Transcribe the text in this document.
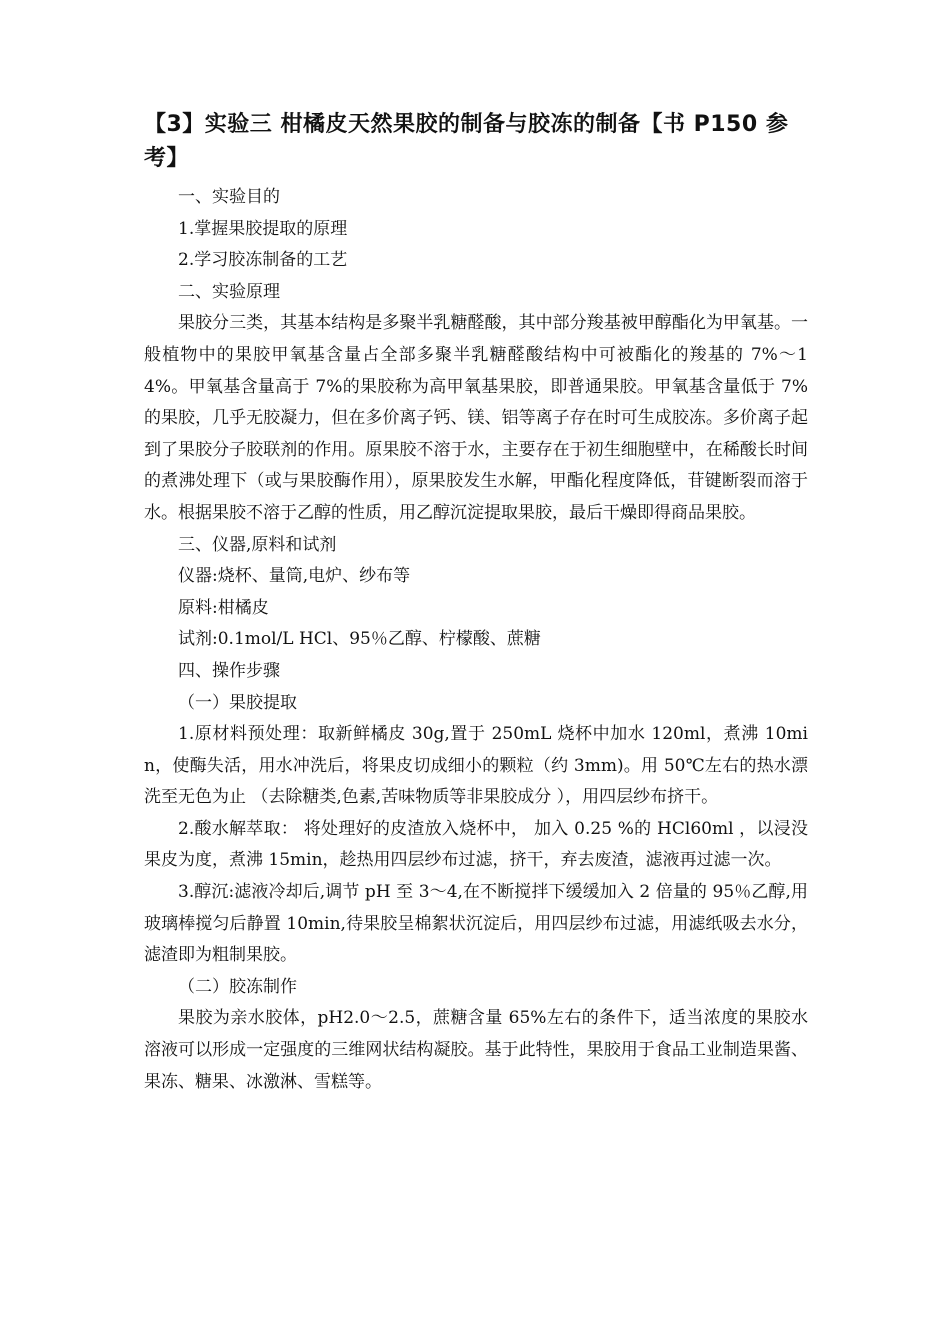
【3】实验三 柑橘皮天然果胶的制备与胶冻的制备【书 P150 参考】

一、实验目的

1.掌握果胶提取的原理

2.学习胶冻制备的工艺

二、实验原理

果胶分三类，其基本结构是多聚半乳糖醛酸，其中部分羧基被甲醇酯化为甲氧基。一般植物中的果胶甲氧基含量占全部多聚半乳糖醛酸结构中可被酯化的羧基的 7%～14%。甲氧基含量高于 7%的果胶称为高甲氧基果胶，即普通果胶。甲氧基含量低于 7%的果胶，几乎无胶凝力，但在多价离子钙、镁、铝等离子存在时可生成胶冻。多价离子起到了果胶分子胶联剂的作用。原果胶不溶于水，主要存在于初生细胞壁中，在稀酸长时间的煮沸处理下（或与果胶酶作用），原果胶发生水解，甲酯化程度降低，苷键断裂而溶于水。根据果胶不溶于乙醇的性质，用乙醇沉淀提取果胶，最后干燥即得商品果胶。

三、仪器,原料和试剂

仪器:烧杯、量筒,电炉、纱布等

原料:柑橘皮

试剂:0.1mol/L HCl、95％乙醇、柠檬酸、蔗糖

四、操作步骤

（一）果胶提取

1.原材料预处理：取新鲜橘皮 30g,置于 250mL 烧杯中加水 120ml，煮沸 10min，使酶失活，用水冲洗后，将果皮切成细小的颗粒（约 3mm)。用 50℃左右的热水漂洗至无色为止 （去除糖类,色素,苦味物质等非果胶成分 ），用四层纱布挤干。

2.酸水解萃取： 将处理好的皮渣放入烧杯中， 加入 0.25 %的 HCl60ml ，以浸没果皮为度，煮沸 15min，趁热用四层纱布过滤，挤干，弃去废渣，滤液再过滤一次。

3.醇沉:滤液冷却后,调节 pH 至 3～4,在不断搅拌下缓缓加入 2 倍量的 95％乙醇,用玻璃棒搅匀后静置 10min,待果胶呈棉絮状沉淀后，用四层纱布过滤，用滤纸吸去水分，滤渣即为粗制果胶。

（二）胶冻制作

果胶为亲水胶体，pH2.0～2.5，蔗糖含量 65%左右的条件下，适当浓度的果胶水溶液可以形成一定强度的三维网状结构凝胶。基于此特性，果胶用于食品工业制造果酱、果冻、糖果、冰激淋、雪糕等。
